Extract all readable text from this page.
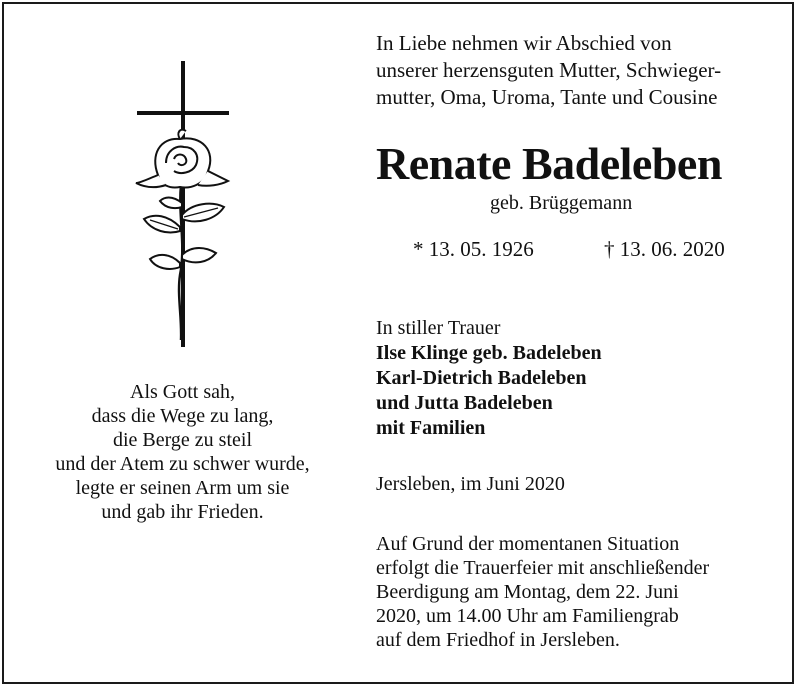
In Liebe nehmen wir Abschied von
unserer herzensguten Mutter, Schwieger-
mutter, Oma, Uroma, Tante und Cousine
Renate Badeleben
geb. Brüggemann
* 13. 05. 1926	† 13. 06. 2020
In stiller Trauer
Ilse Klinge geb. Badeleben
Karl-Dietrich Badeleben
und Jutta Badeleben
mit Familien
Jersleben, im Juni 2020
Auf Grund der momentanen Situation
erfolgt die Trauerfeier mit anschließender
Beerdigung am Montag, dem 22. Juni
2020, um 14.00 Uhr am Familiengrab
auf dem Friedhof in Jersleben.
Als Gott sah,
dass die Wege zu lang,
die Berge zu steil
und der Atem zu schwer wurde,
legte er seinen Arm um sie
und gab ihr Frieden.
